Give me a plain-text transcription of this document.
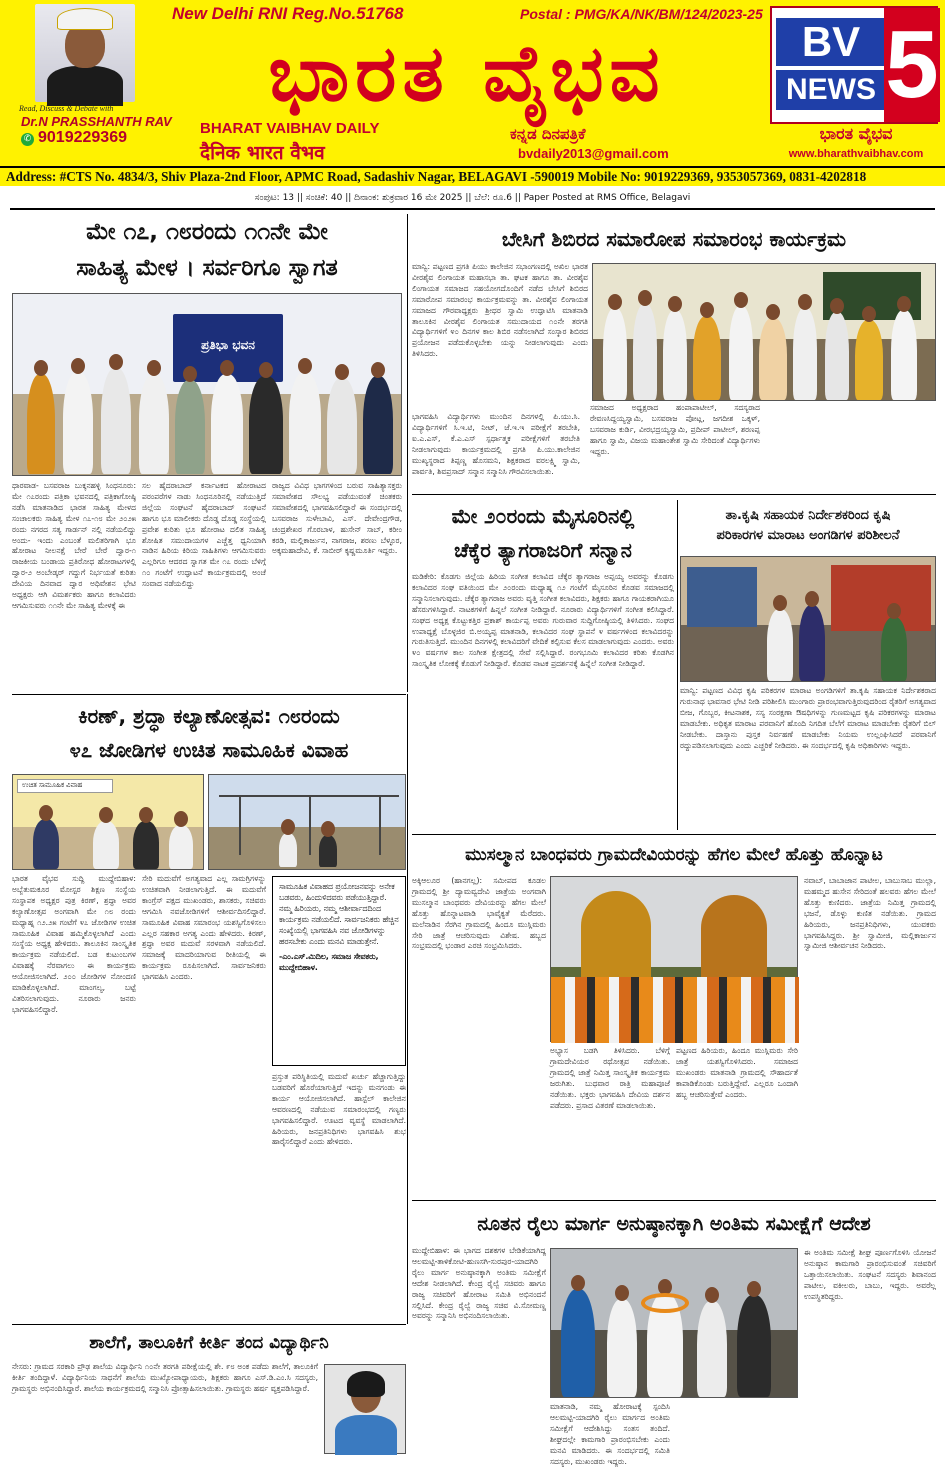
Read, Discuss & Debate with
Dr.N PRASSHANTH RAV
✆ 9019229369
New Delhi RNI Reg.No.51768	Postal : PMG/KA/NK/BM/124/2023-25
ಭಾರತ ವೈಭವ
BHARAT VAIBHAV DAILY
दैनिक भारत वैभव
ಕನ್ನಡ ದಿನಪತ್ರಿಕೆ
bvdaily2013@gmail.com
BV
NEWS 5
ಭಾರತ ವೈಭವ
www.bharathvaibhav.com
Address: #CTS No. 4834/3, Shiv Plaza-2nd Floor, APMC Road, Sadashiv Nagar, BELAGAVI -590019 Mobile No: 9019229369, 9353057369, 0831-4202818
ಸಂಪುಟ: 13 || ಸಂಚಿಕೆ: 40 || ದಿನಾಂಕ: ಶುಕ್ರವಾರ 16 ಮೇ 2025 || ಬೆಲೆ: ರೂ.6 || Paper Posted at RMS Office, Belagavi
ಮೇ ೧೭, ೧೮ರಂದು ೧೧ನೇ ಮೇ
ಸಾಹಿತ್ಯ ಮೇಳ । ಸರ್ವರಿಗೂ ಸ್ವಾಗತ
ಪ್ರತಿಭಾ ಭವನ
ಧಾರವಾಡ- ಬಸವರಾಜ ಬುಕ್ಕನಹಳ್ಳಿ ಸಿಂಧನೂರು: ಮೇ ೧೭ರಂದು ಪತ್ರಿಕಾ ಭವನದಲ್ಲಿ ಪತ್ರಿಕಾಗೋಷ್ಠಿ ನಡೆಸಿ ಮಾತನಾಡಿದ ಭಾರತ ಸಾಹಿತ್ಯ ಮೇಳದ ಸಂಚಾಲಕರು ಸಾಹಿತ್ಯ ಮೇಳ ೧೭-೧೮ ಮೇ ೨೦೨೫ ರಂದು ನಗರದ ಸತ್ಯ ಗಾರ್ಡನ್ ನಲ್ಲಿ ನಡೆಯಲಿದ್ದು ಅಂದು- ಇಂದು ಎಂಬಂತೆ ಮಲಿತರಿಗಾಗಿ ಭೂ ಹೋರಾಟ ನೀಲನಕ್ಷೆ ಬೇರೆ ಬೇರೆ ದ್ವಾರ-೧ ರಾಜಕೀಯ ಬಂಡಾಯ ಪ್ರತಿರೋಧ ಹೋರಾಟಗಳಲ್ಲಿ ದ್ವಾರ-೨ ಅಂಬೇಡ್ಕರ್ ಗದ್ದುಗೆ ನಿರ್ಭಯತೆ ಕುರಿತು ದೇವಿಯ ದಿನವಾದ ದ್ವಾರ ಅಧಿವೇಶನ ಭೇಟಿ ಅಧ್ಯಕ್ಷರು ಆಗಿ ವಿಮರ್ಶಕರು ಹಾಗೂ ಕಲಾವಿದರು ಆಗಮಿಸುವರು ೧೧ನೇ ಮೇ ಸಾಹಿತ್ಯ ಮೇಳಕ್ಕೆ ಈ
ಸಲ ಹೈದರಾಬಾದ್ ಕರ್ನಾಟಕದ ಹೋರಾಟದ ಪರಂಪರೆಗಳ ನಾಡು ಸಿಂಧನೂರಿನಲ್ಲಿ ನಡೆಯುತ್ತಿದೆ ಜಿಲ್ಲೆಯ ಸಂಘಟನೆ ಹೈದರಾಬಾದ್ ಸಂಘಟನೆ ಹಾಗೂ ಭೂ ಮಾಲೀಕರು ದೊಡ್ಡ ದೊಡ್ಡ ಸಂಸ್ಥೆಯಲ್ಲಿ ಪ್ರವೇಶ ಕುರಿತು ಭೂ ಹೋರಾಟ ದಲಿತ ಸಾಹಿತ್ಯ ಶೋಷಿತ ಸಮುದಾಯಗಳ ಎಚ್ಚೆತ್ತ ಧ್ವನಿಯಾಗಿ ನಾಡಿನ ಹಿರಿಯ ಕಿರಿಯ ಸಾಹಿತಿಗಳು ಆಗಮಿಸುವರು ಎಲ್ಲರಿಗೂ ಆದರದ ಸ್ವಾಗತ ಮೇ ೧೭ ರಂದು ಬೆಳಿಗ್ಗೆ ೧೦ ಗಂಟೆಗೆ ಉದ್ಘಾಟನೆ ಕಾರ್ಯಕ್ರಮದಲ್ಲಿ ಅಂಚೆ ಸಂವಾದ ನಡೆಯಲಿದ್ದು
ರಾಜ್ಯದ ವಿವಿಧ ಭಾಗಗಳಿಂದ ಬರುವ ಸಾಹಿತ್ಯಾಸಕ್ತರು ಸಮಾವೇಶದ ಸೌಲಭ್ಯ ಪಡೆಯುವಂತೆ ಚಿಂತಕರು ಸಮಾವೇಶದಲ್ಲಿ ಭಾಗವಹಿಸಲಿದ್ದಾರೆ ಈ ಸಂದರ್ಭದಲ್ಲಿ ಬಸವರಾಜ ಸುಳೇಬಾವಿ, ಎಸ್. ದೇವೇಂದ್ರಗೌಡ, ಚಂದ್ರಶೇಖರ ಗೊರಬಾಳ, ಹುಸೇನ್ ಸಾಬ್, ಕರೀಂ ಕರಡಿ, ಮಲ್ಲಿಕಾರ್ಜುನ, ನಾಗರಾಜ, ಶರಣು ಬೆಳ್ಳೂರ, ಅಕ್ಕಮಹಾದೇವಿ, ಕೆ. ಸಾಬೀರ್ ಕೃಷ್ಣಮೂರ್ತಿ ಇದ್ದರು.
ಬೇಸಿಗೆ ಶಿಬಿರದ ಸಮಾರೋಪ ಸಮಾರಂಭ ಕಾರ್ಯಕ್ರಮ
ಮಾನ್ವಿ: ಪಟ್ಟಣದ ಪ್ರಗತಿ ಪಿಯು ಕಾಲೇಜಿನ ಸಭಾಂಗಣದಲ್ಲಿ ಅಖಿಲ ಭಾರತ ವೀರಶೈವ ಲಿಂಗಾಯತ ಮಹಾಸಭಾ ತಾ. ಘಟಕ ಹಾಗೂ ತಾ. ವೀರಶೈವ ಲಿಂಗಾಯತ ಸಮಾಜದ ಸಹಯೋಗದೊಂದಿಗೆ ನಡೆದ ಬೇಸಿಗೆ ಶಿಬಿರದ ಸಮಾರೋಪ ಸಮಾರಂಭ ಕಾರ್ಯಕ್ರಮವನ್ನು ತಾ. ವೀರಶೈವ ಲಿಂಗಾಯತ ಸಮಾಜದ ಗೌರವಾಧ್ಯಕ್ಷರು ಶ್ರೀಧರ ಸ್ವಾಮಿ ಉದ್ಘಾಟಿಸಿ ಮಾತನಾಡಿ ತಾಲೂಕಿನ ವೀರಶೈವ ಲಿಂಗಾಯತ ಸಮುದಾಯದ ೧೦ನೇ ತರಗತಿ ವಿದ್ಯಾರ್ಥಿಗಳಿಗೆ ೪೦ ದಿನಗಳ ಕಾಲ ಶಿಬಿರ ನಡೆಸಲಾಗಿದೆ ಸಂಸ್ಕಾರ ಶಿಬಿರದ ಪ್ರಯೋಜನ ಪಡೆದುಕೊಳ್ಳಬೇಕು ಯನ್ನು ನೀಡಲಾಗುವುದು ಎಂದು ತಿಳಿಸಿದರು.
ಭಾಗವಹಿಸಿ ವಿದ್ಯಾರ್ಥಿಗಳು ಮುಂದಿನ ದಿನಗಳಲ್ಲಿ ಪಿ.ಯು.ಸಿ. ವಿದ್ಯಾರ್ಥಿಗಳಿಗೆ ಸಿ.ಇ.ಟಿ, ನೀಟ್, ಜೆ.ಇ.ಇ ಪರೀಕ್ಷೆಗೆ ತರಬೇತಿ, ಐ.ಎ.ಎಸ್, ಕೆ.ಎ.ಎಸ್ ಸ್ಪರ್ಧಾತ್ಮಕ ಪರೀಕ್ಷೆಗಳಿಗೆ ತರಬೇತಿ ನೀಡಲಾಗುವುದು ಕಾರ್ಯಕ್ರಮದಲ್ಲಿ ಪ್ರಗತಿ ಪಿ.ಯು.ಕಾಲೇಜಿನ ಮುಖ್ಯಸ್ಥರಾದ ತಿಪ್ಪಣ್ಣ ಹೊಸಮನಿ, ಶಿಕ್ಷಕರಾದ ವರಲಕ್ಷ್ಮಿ ಸ್ವಾಮಿ, ಪಾರ್ವತಿ, ಶಿವಪ್ರಸಾದ್ ಸನ್ಮಾನ ಸನ್ಮಾನಿಸಿ ಗೌರವಿಸಲಾಯಿತು.
ಸಮಾಜದ ಅಧ್ಯಕ್ಷರಾದ ಹಂಪಾಪಾಟೀಲ್, ಸದಸ್ಯರಾದ ರೇವಣಸಿದ್ದಯ್ಯಸ್ವಾಮಿ, ಬಸವರಾಜ ಪೋಟ್ಲ, ಜಗದೀಶ ಒಕ್ಕಳ್, ಬಸವರಾಜ ಕುರ್ಡಿ, ವೀರಭದ್ರಯ್ಯಸ್ವಾಮಿ, ಪ್ರದೀಪ್ ಪಾಟೀಲ್, ಶರಣಪ್ಪ ಹಾಗೂ ಸ್ವಾಮಿ, ವಿಜಯ ಮಹಾಂತೇಶ ಸ್ವಾಮಿ ಸೇರಿದಂತೆ ವಿದ್ಯಾರ್ಥಿಗಳು ಇದ್ದರು.
ಮೇ ೨೦ರಂದು ಮೈಸೂರಿನಲ್ಲಿ
ಚೆಕ್ಕೆರ ತ್ಯಾಗರಾಜರಿಗೆ ಸನ್ಮಾನ
ಮಡಿಕೇರಿ: ಕೊಡಗು ಜಿಲ್ಲೆಯ ಹಿರಿಯ ಸಂಗೀತ ಕಲಾವಿದ ಚೆಕ್ಕೆರ ತ್ಯಾಗರಾಜ ಅಪ್ಪಯ್ಯ ಅವರನ್ನು ಕೊಡಗು ಕಲಾವಿದರ ಸಂಘ ವತಿಯಿಂದ ಮೇ ೨೦ರಂದು ಮಧ್ಯಾಹ್ನ ೧೨ ಗಂಟೆಗೆ ಮೈಸೂರಿನ ಕೊಡವ ಸಮಾಜದಲ್ಲಿ ಸನ್ಮಾನಿಸಲಾಗುವುದು. ಚೆಕ್ಕೆರ ತ್ಯಾಗರಾಜ ಅವರು ವೃತ್ತಿ ಸಂಗೀತ ಕಲಾವಿದರು, ಶಿಕ್ಷಕರು ಹಾಗೂ ಗಾಯಕರಾಗಿಯೂ ಹೆಸರುಗಳಿಸಿದ್ದಾರೆ. ನಾಟಕಗಳಿಗೆ ಹಿನ್ನಲೆ ಸಂಗೀತ ನೀಡಿದ್ದಾರೆ. ನೂರಾರು ವಿದ್ಯಾರ್ಥಿಗಳಿಗೆ ಸಂಗೀತ ಕಲಿಸಿದ್ದಾರೆ. ಸಂಘದ ಅಧ್ಯಕ್ಷ ಕೊಟ್ಟುಕತ್ತಿರ ಪ್ರಕಾಶ್ ಕಾರ್ಯಪ್ಪ ಅವರು ಗುರುವಾರ ಸುದ್ದಿಗೋಷ್ಠಿಯಲ್ಲಿ ತಿಳಿಸಿದರು. ಸಂಘದ ಉಪಾಧ್ಯಕ್ಷೆ ಬೊಳ್ಳಜಿರ ಬಿ.ಅಯ್ಯಪ್ಪ ಮಾತನಾಡಿ, ಕಲಾವಿದರ ಸಂಘ ಸ್ಥಾಪನೆ ೪ ವರ್ಷಗಳಿಂದ ಕಲಾವಿದರನ್ನು ಗುರುತಿಸುತ್ತಿದೆ. ಮುಂದಿನ ದಿನಗಳಲ್ಲಿ ಕಲಾವಿದರಿಗೆ ವೇದಿಕೆ ಕಲ್ಪಿಸುವ ಕೆಲಸ ಮಾಡಲಾಗುವುದು ಎಂದರು. ಅವರು ೪೦ ವರ್ಷಗಳ ಕಾಲ ಸಂಗೀತ ಕ್ಷೇತ್ರದಲ್ಲಿ ಸೇವೆ ಸಲ್ಲಿಸಿದ್ದಾರೆ. ರಂಗಭೂಮಿ ಕಲಾವಿದರ ಕರಿತು ಕೊಡಗಿನ ಸಾಂಸ್ಕೃತಿಕ ಲೋಕಕ್ಕೆ ಕೊಡುಗೆ ನೀಡಿದ್ದಾರೆ. ಕೊಡವ ನಾಟಕ ಪ್ರದರ್ಶನಕ್ಕೆ ಹಿನ್ನೆಲೆ ಸಂಗೀತ ನೀಡಿದ್ದಾರೆ.
ತಾ.ಕೃಷಿ ಸಹಾಯಕ ನಿರ್ದೇಶಕರಿಂದ ಕೃಷಿ
ಪರಿಕಾರಗಳ ಮಾರಾಟ ಅಂಗಡಿಗಳ ಪರಿಶೀಲನೆ
ಮಾನ್ವಿ: ಪಟ್ಟಣದ ವಿವಿಧ ಕೃಷಿ ಪರಿಕರಗಳ ಮಾರಾಟ ಅಂಗಡಿಗಳಿಗೆ ತಾ.ಕೃಷಿ ಸಹಾಯಕ ನಿರ್ದೇಶಕರಾದ ಗುರುನಾಥ ಭಾವಸಾರ ಭೇಟಿ ನೀಡಿ ಪರಿಶೀಲಿಸಿ ಮುಂಗಾರು ಪ್ರಾರಂಭವಾಗುತ್ತಿರುವುದರಿಂದ ರೈತರಿಗೆ ಅಗತ್ಯವಾದ ಬೀಜ, ಗೊಬ್ಬರ, ಕೀಟನಾಶಕ, ಸಸ್ಯ ಸಂರಕ್ಷಣಾ ಔಷಧಿಗಳನ್ನು ಗುಣಮಟ್ಟದ ಕೃಷಿ ಪರಿಕರಗಳನ್ನು ಮಾರಾಟ ಮಾಡಬೇಕು. ಅಧಿಕೃತ ಮಾರಾಟ ಪರವಾನಿಗೆ ಹೊಂದಿ ನಿಗದಿತ ಬೆಲೆಗೆ ಮಾರಾಟ ಮಾಡಬೇಕು ರೈತರಿಗೆ ಬಿಲ್ ನೀಡಬೇಕು. ದಾಸ್ತಾನು ಪುಸ್ತಕ ನಿರ್ವಹಣೆ ಮಾಡಬೇಕು ನಿಯಮ ಉಲ್ಲಂಘಿಸಿದರೆ ಪರವಾನಿಗೆ ರದ್ದುಪಡಿಸಲಾಗುವುದು ಎಂದು ಎಚ್ಚರಿಕೆ ನೀಡಿದರು. ಈ ಸಂದರ್ಭದಲ್ಲಿ ಕೃಷಿ ಅಧಿಕಾರಿಗಳು ಇದ್ದರು.
ಕಿರಣ್, ಶ್ರದ್ಧಾ ಕಲ್ಯಾಣೋತ್ಸವ: ೧೮ರಂದು
೪೭ ಜೋಡಿಗಳ ಉಚಿತ ಸಾಮೂಹಿಕ ವಿವಾಹ
ಉಚಿತ ಸಾಮೂಹಿಕ ವಿವಾಹ
ಭಾರತ ವೈಭವ ಸುದ್ದಿ ಮುದ್ದೇಬಿಹಾಳ: ಅಬ್ಬೆತುಮಕೂರ ಮೋಸ್ಟರ ಶಿಕ್ಷಣ ಸಂಸ್ಥೆಯ ಸಂಸ್ಥಾಪಕ ಅಧ್ಯಕ್ಷರ ಪುತ್ರ ಕಿರಣ್, ಶ್ರದ್ಧಾ ಅವರ ಕಲ್ಯಾಣೋತ್ಸವ ಅಂಗವಾಗಿ ಮೇ ೧೮ ರಂದು ಮಧ್ಯಾಹ್ನ ೧೨.೨೫ ಗಂಟೆಗೆ ೪೭ ಜೋಡಿಗಳ ಉಚಿತ ಸಾಮೂಹಿಕ ವಿವಾಹ ಹಮ್ಮಿಕೊಳ್ಳಲಾಗಿದೆ ಎಂದು ಸಂಸ್ಥೆಯ ಅಧ್ಯಕ್ಷ ಹೇಳಿದರು. ತಾಲೂಕಿನ ಸಾಂಸ್ಕೃತಿಕ ಕಾರ್ಯಕ್ರಮ ನಡೆಯಲಿದೆ. ಬಡ ಕುಟುಂಬಗಳ ವಿವಾಹಕ್ಕೆ ನೆರವಾಗಲು ಈ ಕಾರ್ಯಕ್ರಮ ಆಯೋಜಿಸಲಾಗಿದೆ. ೨೦೦ ಜೋಡಿಗಳ ನೋಂದಣಿ ಮಾಡಿಕೊಳ್ಳಲಾಗಿದೆ. ಮಾಂಗಲ್ಯ, ಬಟ್ಟೆ ವಿತರಿಸಲಾಗುವುದು. ನೂರಾರು ಜನರು ಭಾಗವಹಿಸಲಿದ್ದಾರೆ.
ಸೇರಿ ಮದುವೆಗೆ ಅಗತ್ಯವಾದ ಎಲ್ಲ ಸಾಮಗ್ರಿಗಳನ್ನು ಉಚಿತವಾಗಿ ನೀಡಲಾಗುತ್ತಿದೆ. ಈ ಮದುವೆಗೆ ಕಾಂಗ್ರೆಸ್ ಪಕ್ಷದ ಮುಖಂಡರು, ಶಾಸಕರು, ಸಚಿವರು ಆಗಮಿಸಿ ನವಜೋಡಿಗಳಿಗೆ ಆಶೀರ್ವದಿಸಲಿದ್ದಾರೆ. ಸಾಮೂಹಿಕ ವಿವಾಹ ಸಮಾರಂಭ ಯಶಸ್ವಿಗೊಳಿಸಲು ಎಲ್ಲರ ಸಹಕಾರ ಅಗತ್ಯ ಎಂದು ಹೇಳಿದರು. ಕಿರಣ್, ಶ್ರದ್ಧಾ ಅವರ ಮದುವೆ ಸರಳವಾಗಿ ನಡೆಯಲಿದೆ. ಸಮಾಜಕ್ಕೆ ಮಾದರಿಯಾಗುವ ರೀತಿಯಲ್ಲಿ ಈ ಕಾರ್ಯಕ್ರಮ ರೂಪಿಸಲಾಗಿದೆ. ಸಾರ್ವಜನಿಕರು ಭಾಗವಹಿಸಿ ಎಂದರು.
ಸಾಮೂಹಿಕ ವಿವಾಹದ ಪ್ರಯೋಜನವನ್ನು ಅನೇಕ ಬಡವರು, ಹಿಂದುಳಿದವರು ಪಡೆಯುತ್ತಿದ್ದಾರೆ. ನಮ್ಮ ಹಿರಿಯರು, ನಮ್ಮ ಆಶೀರ್ವಾದದಿಂದ ಕಾರ್ಯಕ್ರಮ ನಡೆಯಲಿದೆ. ಸಾರ್ವಜನಿಕರು ಹೆಚ್ಚಿನ ಸಂಖ್ಯೆಯಲ್ಲಿ ಭಾಗವಹಿಸಿ ನವ ಜೋಡಿಗಳನ್ನು ಹರಸಬೇಕು ಎಂದು ಮನವಿ ಮಾಡುತ್ತೇನೆ.
-ಎಂ.ಎಸ್.ಮಿದಿಲ, ಸಮಾಜ ಸೇವಕರು, ಮುದ್ದೇಬಿಹಾಳ.
ಪ್ರಸ್ತುತ ಪರಿಸ್ಥಿತಿಯಲ್ಲಿ ಮದುವೆ ಖರ್ಚು ಹೆಚ್ಚಾಗುತ್ತಿದ್ದು ಬಡವರಿಗೆ ಹೊರೆಯಾಗುತ್ತಿದೆ ಇದನ್ನು ಮನಗಂಡು ಈ ಕಾರ್ಯ ಆಯೋಜಿಸಲಾಗಿದೆ. ಹಾಸ್ಟೆಲ್ ಕಾಲೇಜಿನ ಆವರಣದಲ್ಲಿ ನಡೆಯುವ ಸಮಾರಂಭದಲ್ಲಿ ಗಣ್ಯರು ಭಾಗವಹಿಸಲಿದ್ದಾರೆ. ಊಟದ ವ್ಯವಸ್ಥೆ ಮಾಡಲಾಗಿದೆ. ಹಿರಿಯರು, ಜನಪ್ರತಿನಿಧಿಗಳು ಭಾಗವಹಿಸಿ ಶುಭ ಹಾರೈಸಲಿದ್ದಾರೆ ಎಂದು ಹೇಳಿದರು.
ಮುಸಲ್ಮಾನ ಬಾಂಧವರು ಗ್ರಾಮದೇವಿಯರನ್ನು ಹೆಗಲ ಮೇಲೆ ಹೊತ್ತು ಹೊನ್ನಾಟ
ಅಕ್ಕಿಆಲೂರ (ಹಾನಗಲ್ಲ): ಸಮೀಪದ ಕೂಡಲ ಗ್ರಾಮದಲ್ಲಿ ಶ್ರೀ ದ್ಯಾಮವ್ವದೇವಿ ಜಾತ್ರೆಯ ಅಂಗವಾಗಿ ಮುಸಲ್ಮಾನ ಬಾಂಧವರು ದೇವಿಯರನ್ನು ಹೆಗಲ ಮೇಲೆ ಹೊತ್ತು ಹೊನ್ನಾಟವಾಡಿ ಭಾವೈಕ್ಯತೆ ಮೆರೆದರು. ಮಲೆನಾಡಿನ ಸೆರಗಿನ ಗ್ರಾಮದಲ್ಲಿ ಹಿಂದೂ ಮುಸ್ಲಿಮರು ಸೇರಿ ಜಾತ್ರೆ ಆಚರಿಸುವುದು ವಿಶೇಷ. ಹಬ್ಬದ ಸಂಭ್ರಮದಲ್ಲಿ ಭಂಡಾರ ಎರಚಿ ಸಂಭ್ರಮಿಸಿದರು.
ಅಭ್ಯಾಸ ಬಡಗಿ ತಿಳಿಸಿದರು. ಬೆಳಿಗ್ಗೆ ಗ್ರಾಮದೇವಿಯರ ರಥೋತ್ಸವ ನಡೆಯಿತು. ಗ್ರಾಮದಲ್ಲಿ ಜಾತ್ರೆ ನಿಮಿತ್ತ ಸಾಂಸ್ಕೃತಿಕ ಕಾರ್ಯಕ್ರಮ ಜರುಗಿತು. ಬುಧವಾರ ರಾತ್ರಿ ಮಹಾಪೂಜೆ ನಡೆಯಿತು. ಭಕ್ತರು ಭಾಗವಹಿಸಿ ದೇವಿಯ ದರ್ಶನ ಪಡೆದರು. ಪ್ರಸಾದ ವಿತರಣೆ ಮಾಡಲಾಯಿತು.
ಪಟ್ಟಣದ ಹಿರಿಯರು, ಹಿಂದೂ ಮುಸ್ಲಿಮರು ಸೇರಿ ಜಾತ್ರೆ ಯಶಸ್ವಿಗೊಳಿಸಿದರು. ಸಮಾಜದ ಮುಖಂಡರು ಮಾತನಾಡಿ ಗ್ರಾಮದಲ್ಲಿ ಸೌಹಾರ್ದತೆ ಕಾಪಾಡಿಕೊಂಡು ಬರುತ್ತಿದ್ದೇವೆ. ಎಲ್ಲರೂ ಒಂದಾಗಿ ಹಬ್ಬ ಆಚರಿಸುತ್ತೇವೆ ಎಂದರು.
ನವಾಬ್, ಬಾಬಾಜಾನ ಪಾಟೀಲ, ಬಾಬುಸಾಬ ಮುಲ್ಲಾ, ಮಹಮ್ಮದ ಹುಸೇನ ಸೇರಿದಂತೆ ಹಲವರು ಹೆಗಲ ಮೇಲೆ ಹೊತ್ತು ಕುಣಿದರು. ಜಾತ್ರೆಯ ನಿಮಿತ್ತ ಗ್ರಾಮದಲ್ಲಿ ಭಜನೆ, ಡೊಳ್ಳು ಕುಣಿತ ನಡೆಯಿತು. ಗ್ರಾಮದ ಹಿರಿಯರು, ಜನಪ್ರತಿನಿಧಿಗಳು, ಯುವಕರು ಭಾಗವಹಿಸಿದ್ದರು. ಶ್ರೀ ಸ್ವಾಮೀಜಿ, ಮಲ್ಲಿಕಾರ್ಜುನ ಸ್ವಾಮೀಜಿ ಆಶೀರ್ವಚನ ನೀಡಿದರು.
ನೂತನ ರೈಲು ಮಾರ್ಗ ಅನುಷ್ಠಾನಕ್ಕಾಗಿ ಅಂತಿಮ ಸಮೀಕ್ಷೆಗೆ ಆದೇಶ
ಮುದ್ದೇಬಿಹಾಳ: ಈ ಭಾಗದ ದಶಕಗಳ ಬೇಡಿಕೆಯಾಗಿದ್ದ ಆಲಮಟ್ಟಿ-ತಾಳಿಕೋಟಿ-ಹುಣಸಗಿ-ಸುರಪುರ-ಯಾದಗಿರಿ ರೈಲು ಮಾರ್ಗ ಅನುಷ್ಠಾನಕ್ಕಾಗಿ ಅಂತಿಮ ಸಮೀಕ್ಷೆಗೆ ಆದೇಶ ನೀಡಲಾಗಿದೆ. ಕೇಂದ್ರ ರೈಲ್ವೆ ಸಚಿವರು ಹಾಗೂ ರಾಜ್ಯ ಸಚಿವರಿಗೆ ಹೋರಾಟ ಸಮಿತಿ ಅಭಿನಂದನೆ ಸಲ್ಲಿಸಿದೆ. ಕೇಂದ್ರ ರೈಲ್ವೆ ರಾಜ್ಯ ಸಚಿವ ವಿ.ಸೋಮಣ್ಣ ಅವರನ್ನು ಸನ್ಮಾನಿಸಿ ಅಭಿನಂದಿಸಲಾಯಿತು.
ಮಾತನಾಡಿ, ನಮ್ಮ ಹೋರಾಟಕ್ಕೆ ಸ್ಪಂದಿಸಿ ಆಲಮಟ್ಟಿ-ಯಾದಗಿರಿ ರೈಲು ಮಾರ್ಗದ ಅಂತಿಮ ಸಮೀಕ್ಷೆಗೆ ಆದೇಶಿಸಿದ್ದು ಸಂತಸ ತಂದಿದೆ. ಶೀಘ್ರದಲ್ಲೇ ಕಾಮಗಾರಿ ಪ್ರಾರಂಭಿಸಬೇಕು ಎಂದು ಮನವಿ ಮಾಡಿದರು. ಈ ಸಂದರ್ಭದಲ್ಲಿ ಸಮಿತಿ ಸದಸ್ಯರು, ಮುಖಂಡರು ಇದ್ದರು.
ಈ ಅಂತಿಮ ಸಮೀಕ್ಷೆ ಶೀಘ್ರ ಪೂರ್ಣಗೊಳಿಸಿ ಯೋಜನೆ ಅನುಷ್ಠಾನ ಕಾಮಗಾರಿ ಪ್ರಾರಂಭಿಸುವಂತೆ ಸಚಿವರಿಗೆ ಒತ್ತಾಯಿಸಲಾಯಿತು. ಸಂಘಟನೆ ಸದಸ್ಯರು ಶಿವಾನಂದ ಪಾಟೀಲ, ವಕೀಲರು, ಬಾಬು, ಇದ್ದರು. ಅವರೆಲ್ಲ ಉಪಸ್ಥಿತರಿದ್ದರು.
ಶಾಲೆಗೆ, ತಾಲೂಕಿಗೆ ಕೀರ್ತಿ ತಂದ ವಿದ್ಯಾರ್ಥಿನಿ
ನೇಸರು: ಗ್ರಾಮದ ಸರಕಾರಿ ಪ್ರೌಢ ಶಾಲೆಯ ವಿದ್ಯಾರ್ಥಿನಿ ೧೦ನೇ ತರಗತಿ ಪರೀಕ್ಷೆಯಲ್ಲಿ ಶೇ. ೯೮ ಅಂಕ ಪಡೆದು ಶಾಲೆಗೆ, ತಾಲೂಕಿಗೆ ಕೀರ್ತಿ ತಂದಿದ್ದಾಳೆ. ವಿದ್ಯಾರ್ಥಿನಿಯ ಸಾಧನೆಗೆ ಶಾಲೆಯ ಮುಖ್ಯೋಪಾಧ್ಯಾಯರು, ಶಿಕ್ಷಕರು ಹಾಗೂ ಎಸ್.ಡಿ.ಎಂ.ಸಿ ಸದಸ್ಯರು, ಗ್ರಾಮಸ್ಥರು ಅಭಿನಂದಿಸಿದ್ದಾರೆ. ಶಾಲೆಯ ಕಾರ್ಯಕ್ರಮದಲ್ಲಿ ಸನ್ಮಾನಿಸಿ ಪ್ರೋತ್ಸಾಹಿಸಲಾಯಿತು. ಗ್ರಾಮಸ್ಥರು ಹರ್ಷ ವ್ಯಕ್ತಪಡಿಸಿದ್ದಾರೆ.
